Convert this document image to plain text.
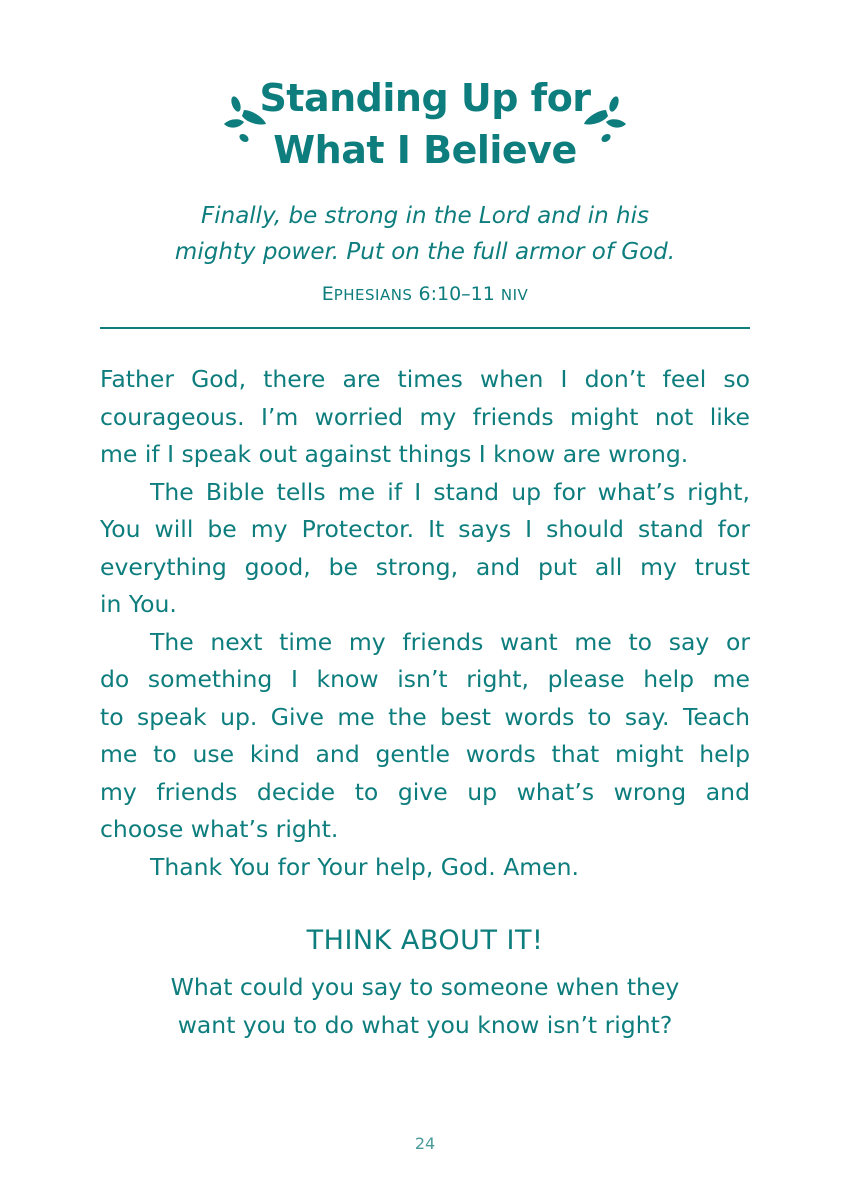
Standing Up for
What I Believe
Finally, be strong in the Lord and in his
mighty power. Put on the full armor of God.
EPHESIANS 6:10–11 NIV
Father God, there are times when I don’t feel so
courageous. I’m worried my friends might not like
me if I speak out against things I know are wrong.
The Bible tells me if I stand up for what’s right,
You will be my Protector. It says I should stand for
everything good, be strong, and put all my trust
in You.
The next time my friends want me to say or
do something I know isn’t right, please help me
to speak up. Give me the best words to say. Teach
me to use kind and gentle words that might help
my friends decide to give up what’s wrong and
choose what’s right.
Thank You for Your help, God. Amen.
THINK ABOUT IT!
What could you say to someone when they
want you to do what you know isn’t right?
24
